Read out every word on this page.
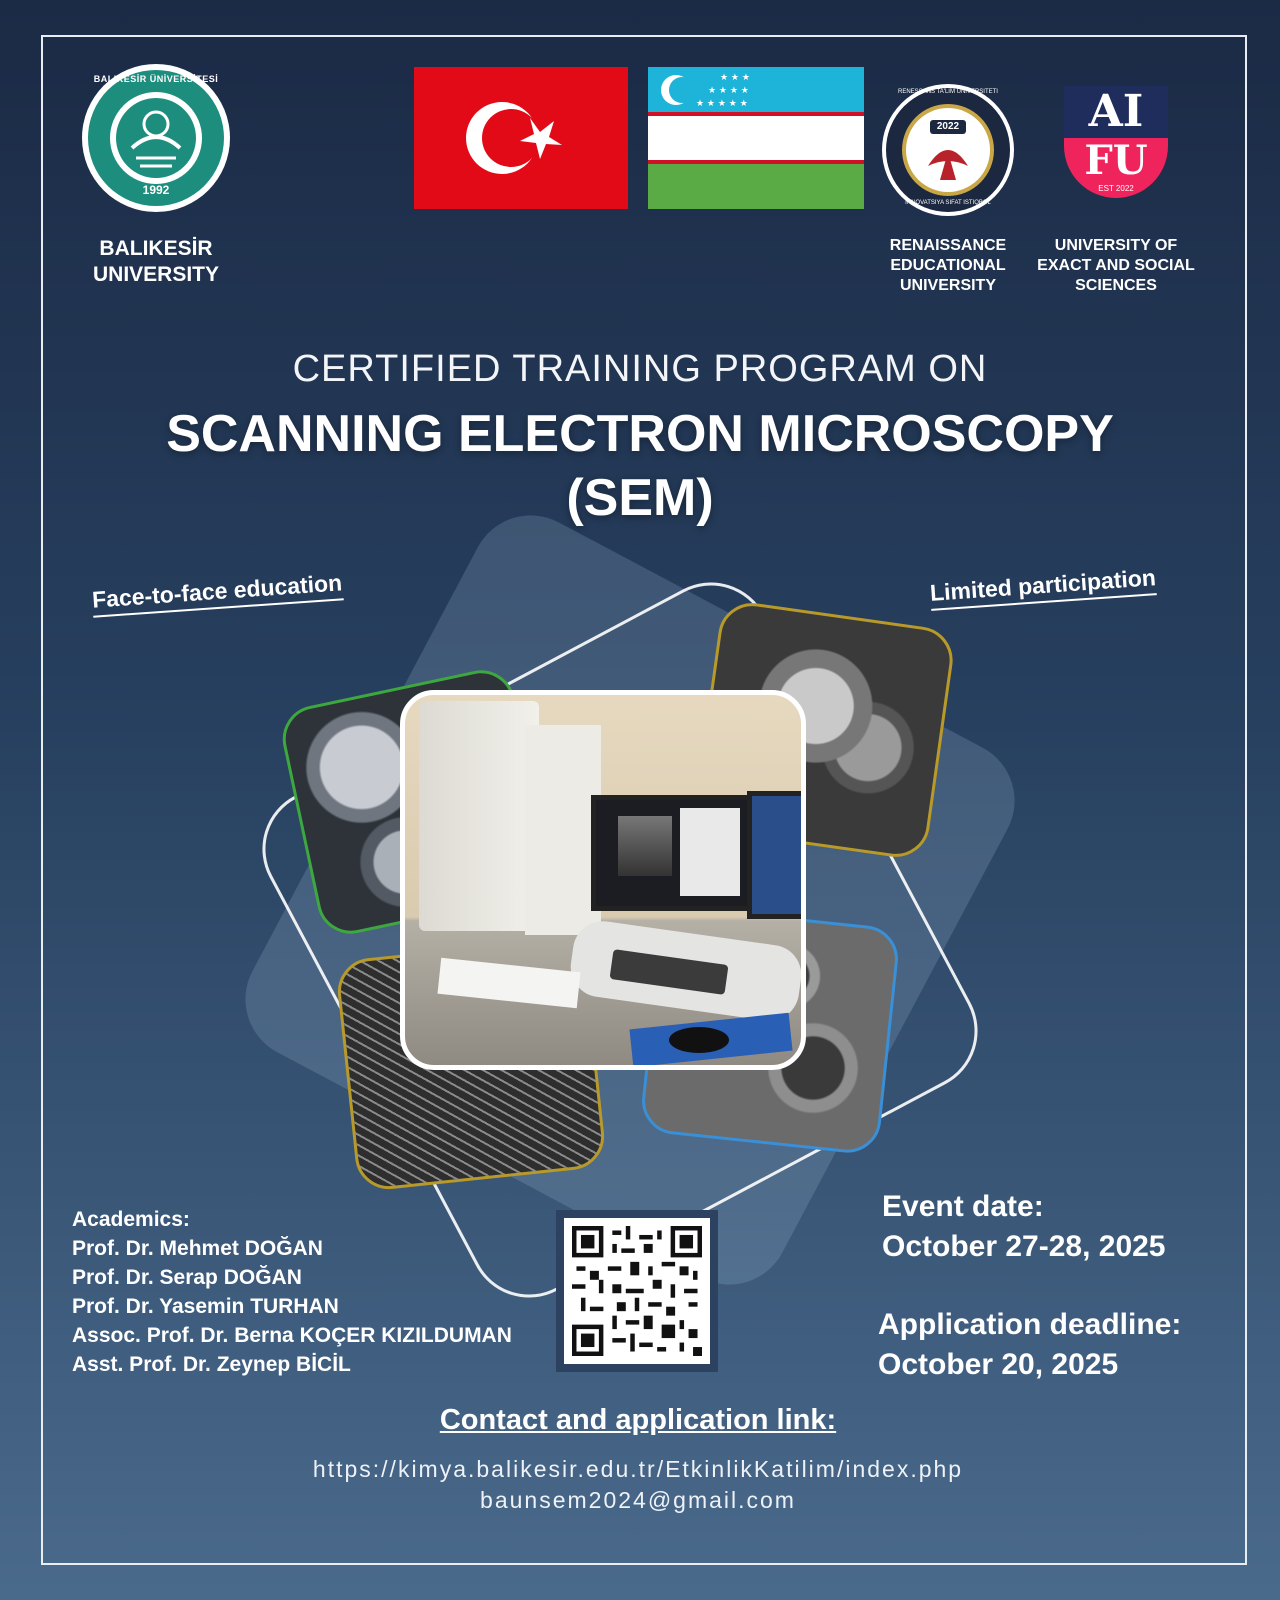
1992
BALIKESİR ÜNİVERSİTESİ
BALIKESİR
UNIVERSITY
★ ★ ★
★ ★ ★ ★
★ ★ ★ ★ ★
2022
RENESSANS TA'LIM UNIVERSITETI
INNOVATSIYA SIFAT ISTIQBOL
RENAISSANCE
EDUCATIONAL
UNIVERSITY
AI
FU
EST 2022
UNIVERSITY OF
EXACT AND SOCIAL
SCIENCES
CERTIFIED TRAINING PROGRAM ON
SCANNING ELECTRON MICROSCOPY
(SEM)
Face-to-face education	Limited participation
Academics:
Prof. Dr. Mehmet DOĞAN
Prof. Dr. Serap DOĞAN
Prof. Dr. Yasemin TURHAN
Assoc. Prof. Dr. Berna KOÇER KIZILDUMAN
Asst. Prof. Dr. Zeynep BİCİL
Event date:
October 27-28, 2025
Application deadline:
October 20, 2025
Contact and application link:
https://kimya.balikesir.edu.tr/EtkinlikKatilim/index.php
baunsem2024@gmail.com
